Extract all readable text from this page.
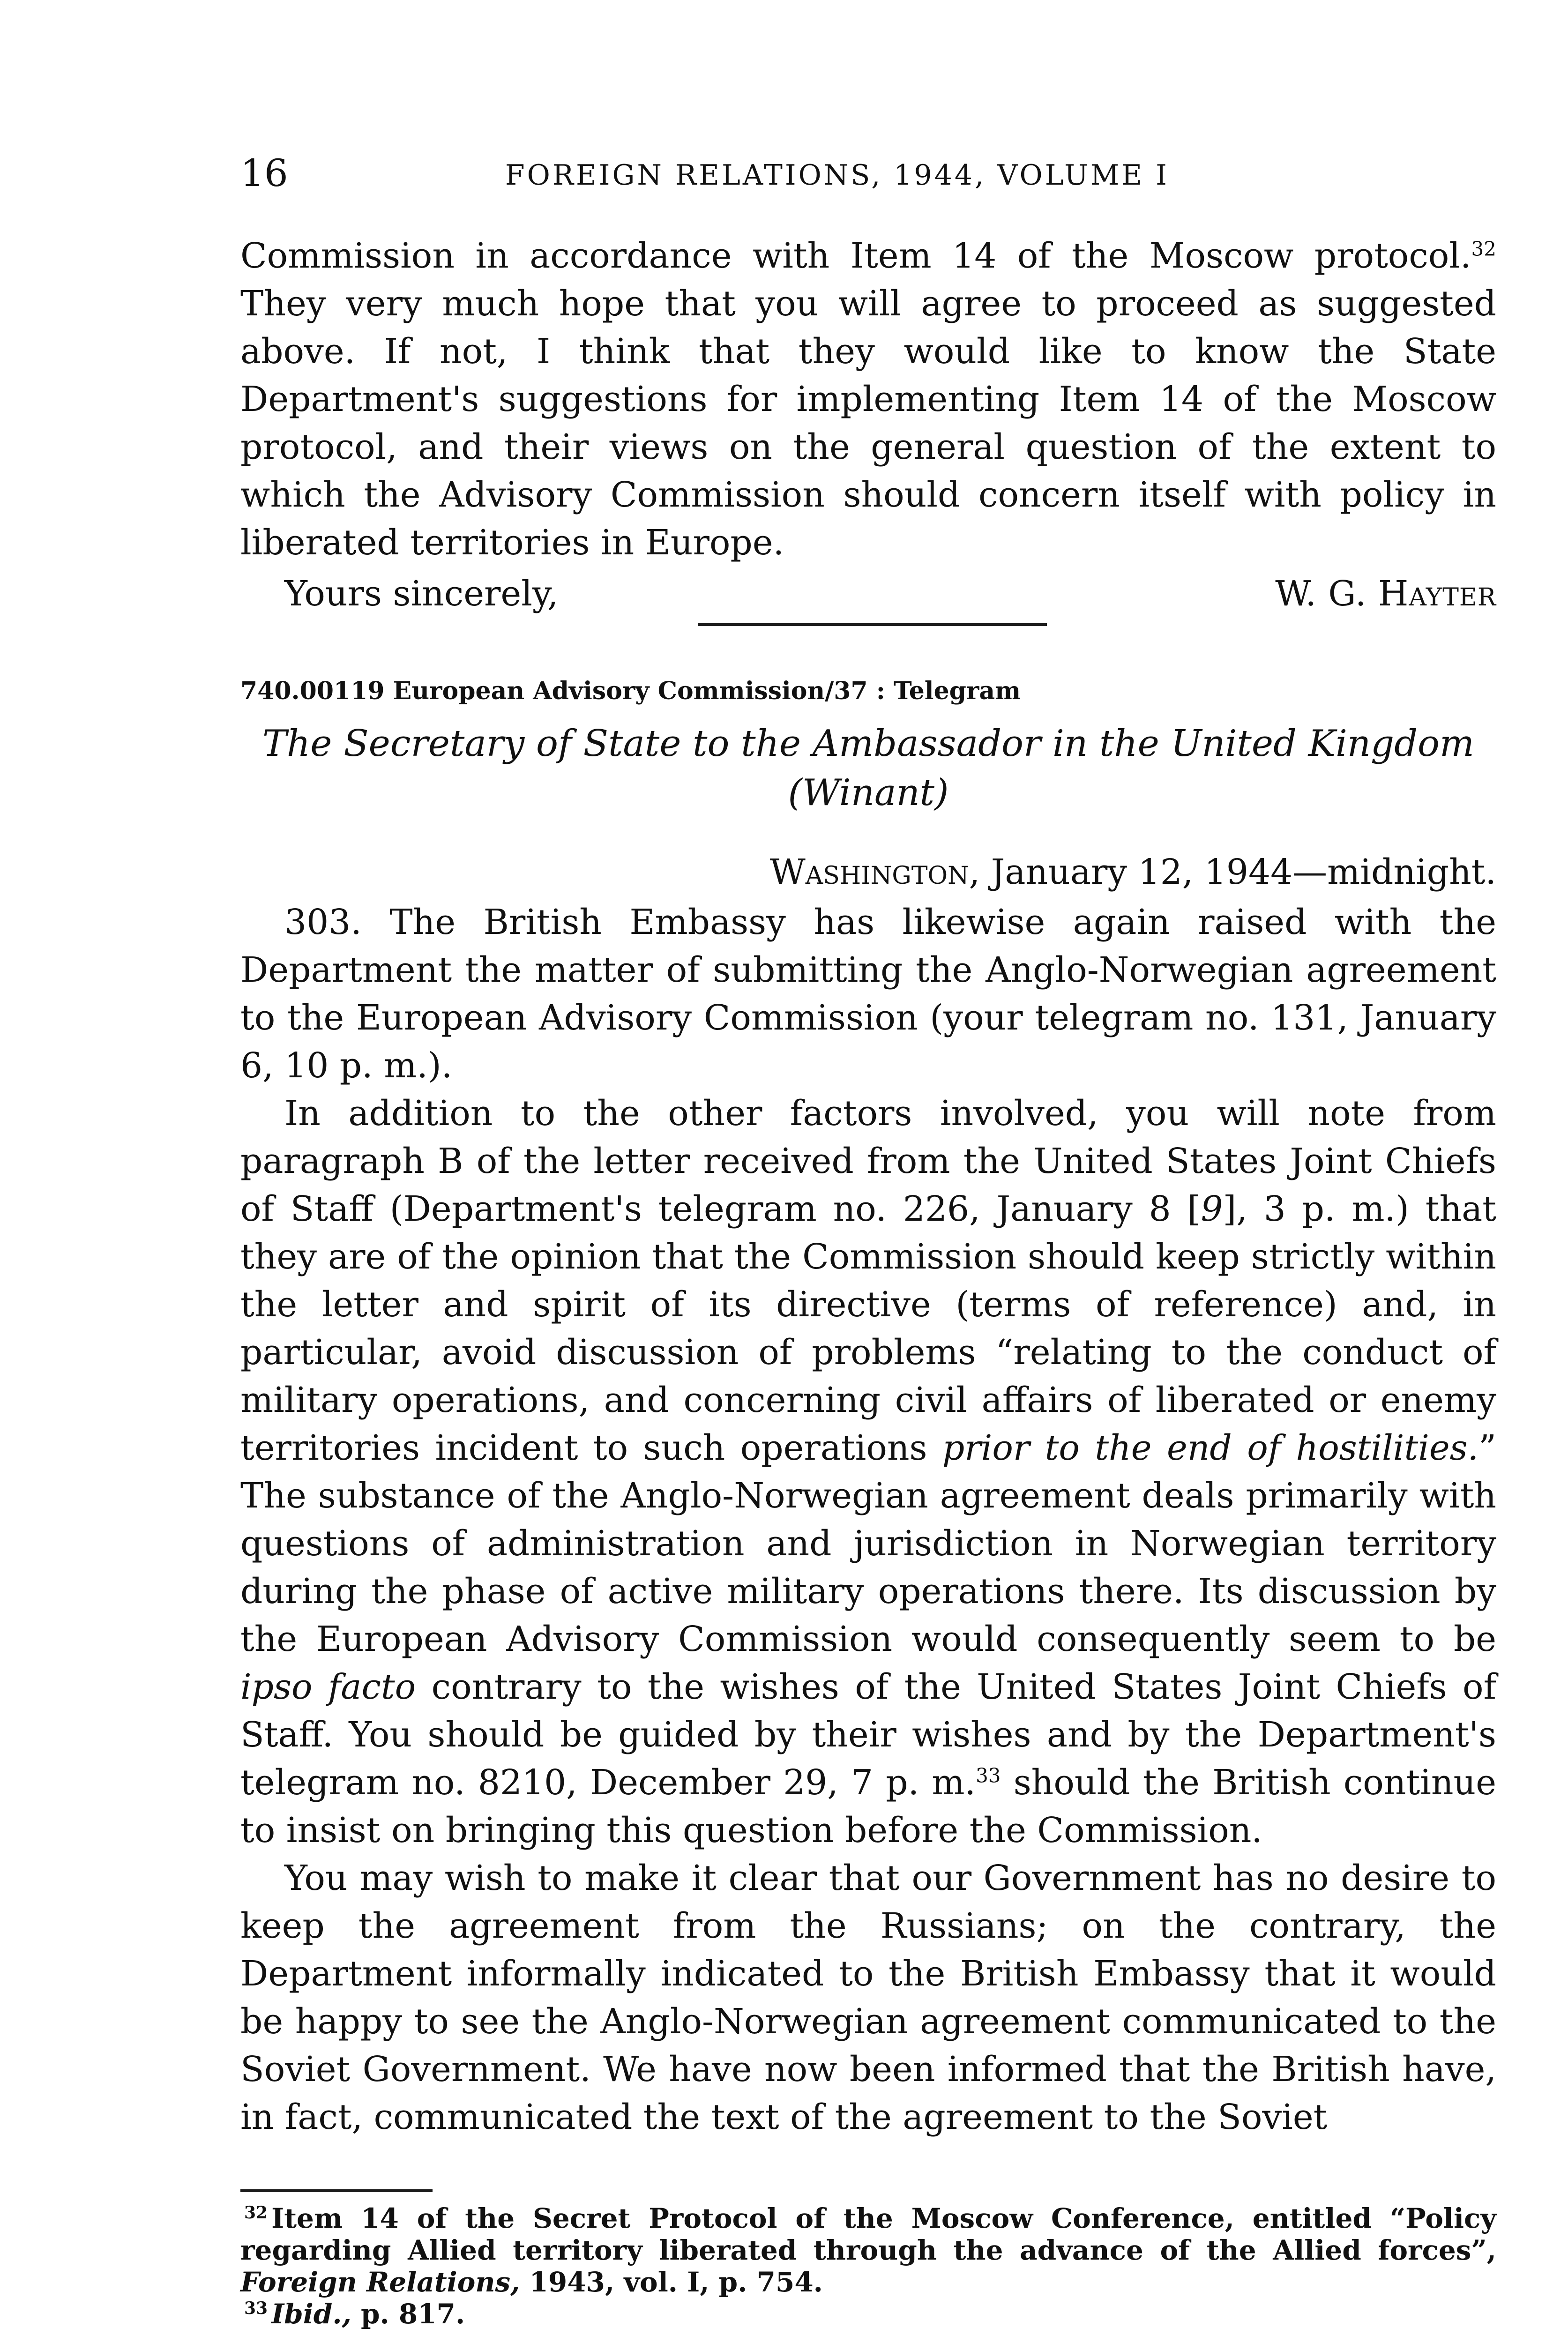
16	FOREIGN RELATIONS, 1944, VOLUME I

Commission in accordance with Item 14 of the Moscow protocol.$^{32}$ They very much hope that you will agree to proceed as suggested above. If not, I think that they would like to know the State Department's suggestions for implementing Item 14 of the Moscow protocol, and their views on the general question of the extent to which the Advisory Commission should concern itself with policy in liberated territories in Europe.

Yours sincerely,	W. G. Hayter
740.00119 European Advisory Commission/37 : Telegram
The Secretary of State to the Ambassador in the United Kingdom
(Winant)
Washington, January 12, 1944—midnight.

303. The British Embassy has likewise again raised with the Department the matter of submitting the Anglo-Norwegian agreement to the European Advisory Commission (your telegram no. 131, January 6, 10 p. m.).

In addition to the other factors involved, you will note from paragraph B of the letter received from the United States Joint Chiefs of Staff (Department's telegram no. 226, January 8 [9], 3 p. m.) that they are of the opinion that the Commission should keep strictly within the letter and spirit of its directive (terms of reference) and, in particular, avoid discussion of problems “relating to the conduct of military operations, and concerning civil affairs of liberated or enemy territories incident to such operations prior to the end of hostilities.” The substance of the Anglo-Norwegian agreement deals primarily with questions of administration and jurisdiction in Norwegian territory during the phase of active military operations there. Its discussion by the European Advisory Commission would consequently seem to be ipso facto contrary to the wishes of the United States Joint Chiefs of Staff. You should be guided by their wishes and by the Department's telegram no. 8210, December 29, 7 p. m.$^{33}$ should the British continue to insist on bringing this question before the Commission.

You may wish to make it clear that our Government has no desire to keep the agreement from the Russians; on the contrary, the Department informally indicated to the British Embassy that it would be happy to see the Anglo-Norwegian agreement communicated to the Soviet Government. We have now been informed that the British have, in fact, communicated the text of the agreement to the Soviet

$^{32}$ Item 14 of the Secret Protocol of the Moscow Conference, entitled “Policy regarding Allied territory liberated through the advance of the Allied forces”, Foreign Relations, 1943, vol. I, p. 754.

$^{33}$ Ibid., p. 817.
